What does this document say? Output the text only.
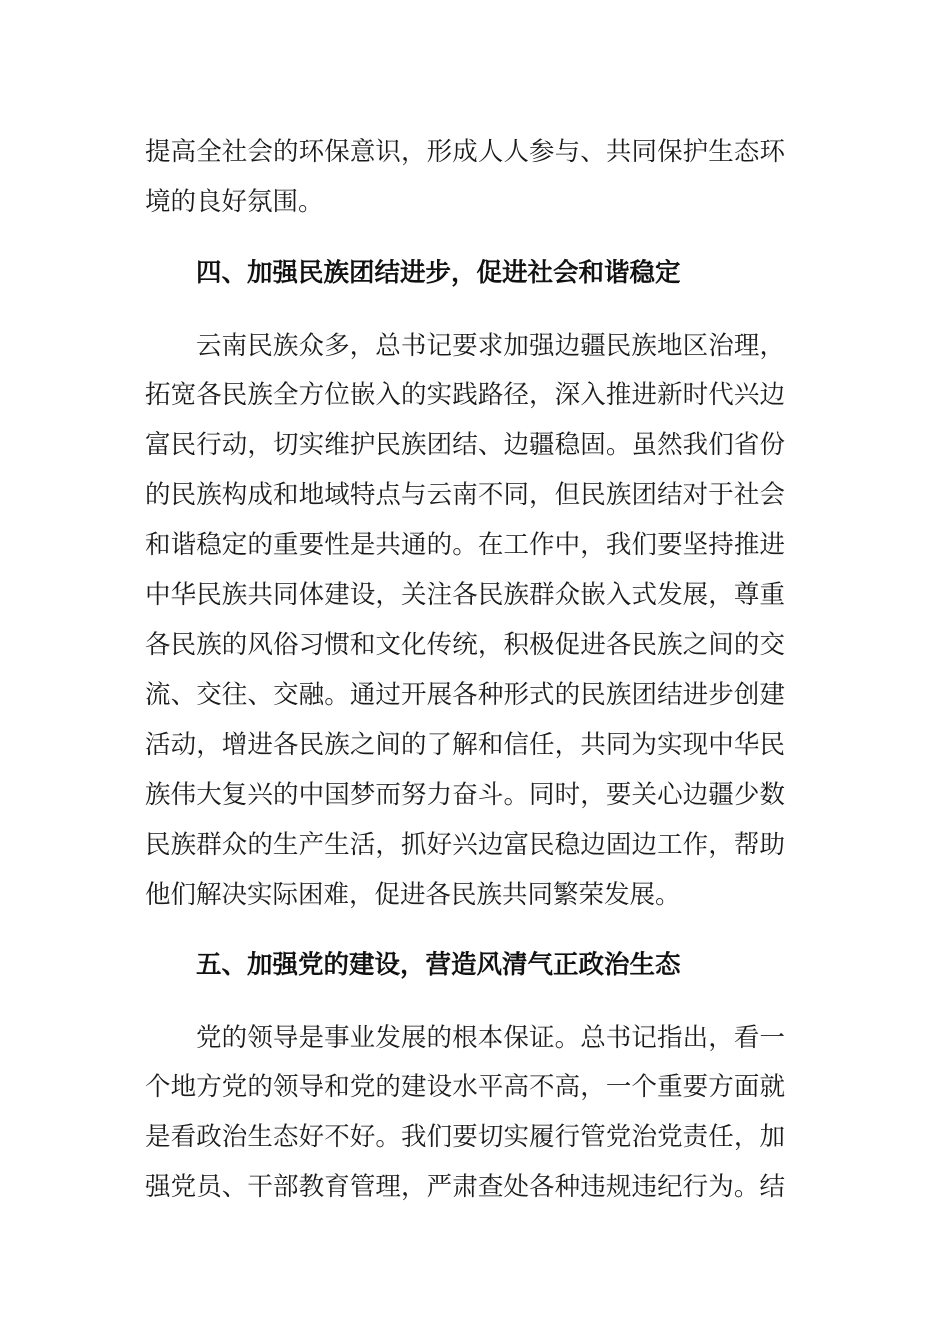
提高全社会的环保意识，形成人人参与、共同保护生态环
境的良好氛围。
四、加强民族团结进步，促进社会和谐稳定
云南民族众多，总书记要求加强边疆民族地区治理，
拓宽各民族全方位嵌入的实践路径，深入推进新时代兴边
富民行动，切实维护民族团结、边疆稳固。虽然我们省份
的民族构成和地域特点与云南不同，但民族团结对于社会
和谐稳定的重要性是共通的。在工作中，我们要坚持推进
中华民族共同体建设，关注各民族群众嵌入式发展，尊重
各民族的风俗习惯和文化传统，积极促进各民族之间的交
流、交往、交融。通过开展各种形式的民族团结进步创建
活动，增进各民族之间的了解和信任，共同为实现中华民
族伟大复兴的中国梦而努力奋斗。同时，要关心边疆少数
民族群众的生产生活，抓好兴边富民稳边固边工作，帮助
他们解决实际困难，促进各民族共同繁荣发展。
五、加强党的建设，营造风清气正政治生态
党的领导是事业发展的根本保证。总书记指出，看一
个地方党的领导和党的建设水平高不高，一个重要方面就
是看政治生态好不好。我们要切实履行管党治党责任，加
强党员、干部教育管理，严肃查处各种违规违纪行为。结
